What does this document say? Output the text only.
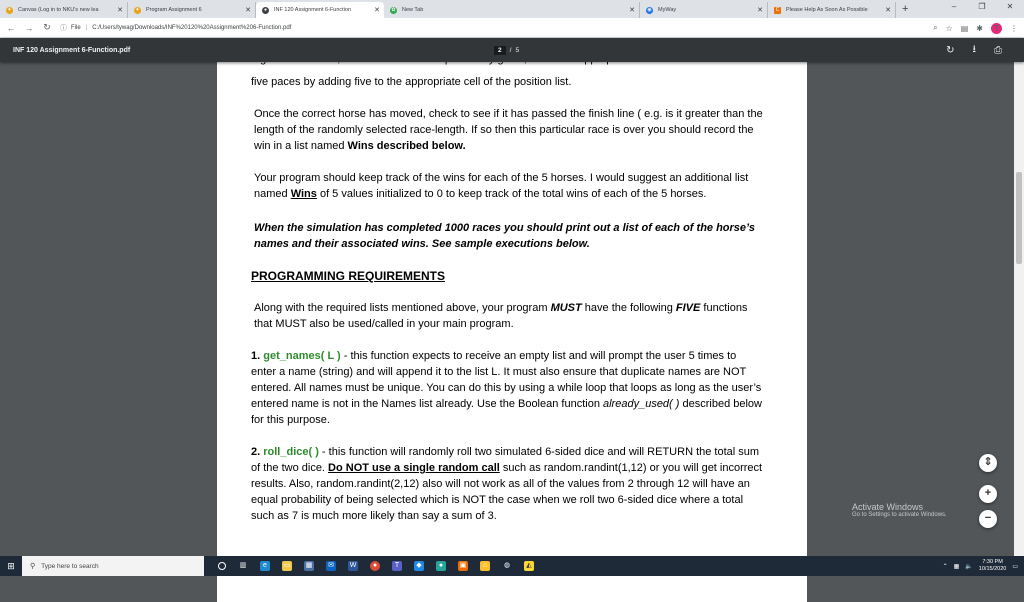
✦ Canvas (Log in to NKU's new lea	✕ ✦ Program Assignment 6	✕	●	INF 120 Assignment 6-Function	✕ ✿ New Tab	✕ ◉ MyWay	✕	C	Please Help As Soon As Possible	✕ +	–	❐	✕
← →	↻	ⓘ File | C:/Users/tywag/Downloads/INF%20120%20Assignment%206-Function.pdf	⌕ ☆ ▤ ✱	T	⋮
INF 120 Assignment 6-Function.pdf	2	/ 5	↻ ⭳ ⎙

five paces by adding five to the appropriate cell of the position list.

Once the correct horse has moved, check to see if it has passed the finish line ( e.g. is it greater than the length of the randomly selected race-length. If so then this particular race is over you should record the win in a list named Wins described below.

Your program should keep track of the wins for each of the 5 horses. I would suggest an additional list named Wins of 5 values initialized to 0 to keep track of the total wins of each of the 5 horses.

When the simulation has completed 1000 races you should print out a list of each of the horse’s names and their associated wins. See sample executions below.

PROGRAMMING REQUIREMENTS

Along with the required lists mentioned above, your program MUST have the following FIVE functions that MUST also be used/called in your main program.

1. get_names( L ) - this function expects to receive an empty list and will prompt the user 5 times to enter a name (string) and will append it to the list L. It must also ensure that duplicate names are NOT entered. All names must be unique. You can do this by using a while loop that loops as long as the user’s entered name is not in the Names list already. Use the Boolean function already_used( ) described below for this purpose.

2. roll_dice( ) - this function will randomly roll two simulated 6-sided dice and will RETURN the total sum of the two dice. Do NOT use a single random call such as random.randint(1,12) or you will get incorrect results. Also, random.randint(2,12) also will not work as all of the values from 2 through 12 will have an equal probability of being selected which is NOT the case when we roll two 6-sided dice where a total such as 7 is much more likely than say a sum of 3.

⇕
+
−
Activate Windows
Go to Settings to activate Windows.
⊞	⚲ Type here to search	▥	e	▭ ▦ ✉ W	●	T	◆	●	▣	⌂	◍	◭	⌃ ▦ 🔈
7:30 PM
10/15/2020 ▭
